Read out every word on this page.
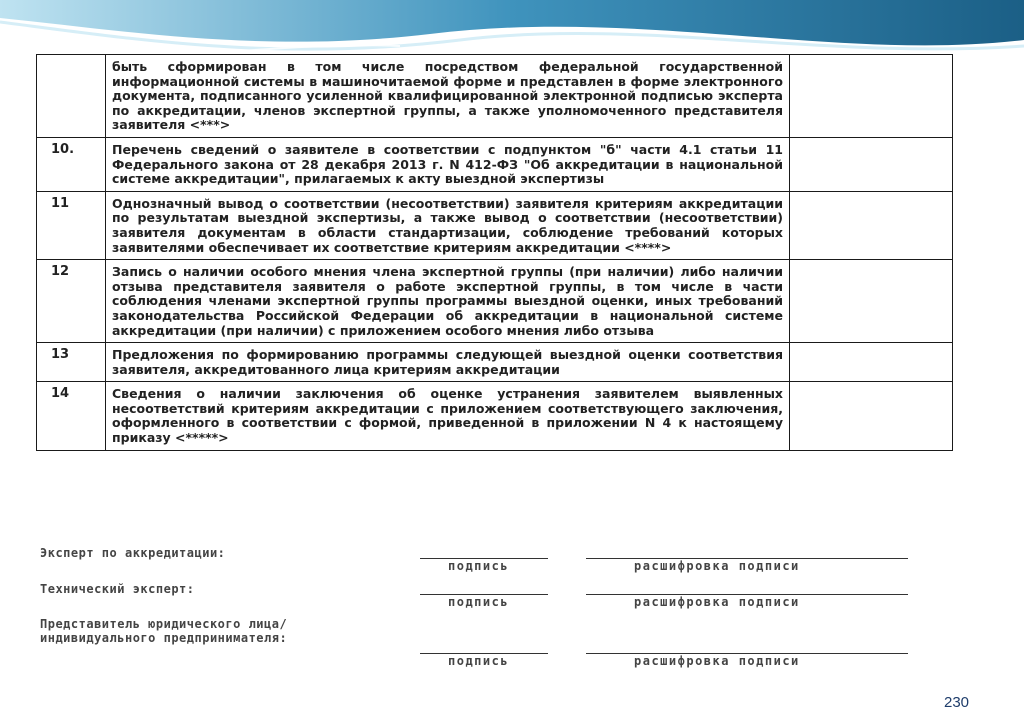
	быть сформирован в том числе посредством федеральной государственной информационной системы в машиночитаемой форме и представлен в форме электронного документа, подписанного усиленной квалифицированной электронной подписью эксперта по аккредитации, членов экспертной группы, а также уполномоченного представителя заявителя <***>	
10.	Перечень сведений о заявителе в соответствии с подпунктом "б" части 4.1 статьи 11 Федерального закона от 28 декабря 2013 г. N 412-ФЗ "Об аккредитации в национальной системе аккредитации", прилагаемых к акту выездной экспертизы	
11	Однозначный вывод о соответствии (несоответствии) заявителя критериям аккредитации по результатам выездной экспертизы, а также вывод о соответствии (несоответствии) заявителя документам в области стандартизации, соблюдение требований которых заявителями обеспечивает их соответствие критериям аккредитации <****>	
12	Запись о наличии особого мнения члена экспертной группы (при наличии) либо наличии отзыва представителя заявителя о работе экспертной группы, в том числе в части соблюдения членами экспертной группы программы выездной оценки, иных требований законодательства Российской Федерации об аккредитации в национальной системе аккредитации (при наличии) с приложением особого мнения либо отзыва	
13	Предложения по формированию программы следующей выездной оценки соответствия заявителя, аккредитованного лица критериям аккредитации	
14	Сведения о наличии заключения об оценке устранения заявителем выявленных несоответствий критериям аккредитации с приложением соответствующего заключения, оформленного в соответствии с формой, приведенной в приложении N 4 к настоящему приказу <*****>	
Эксперт по аккредитации:
подпись	расшифровка подписи
Технический эксперт:
подпись	расшифровка подписи
Представитель юридического лица/индивидуального предпринимателя:
подпись	расшифровка подписи
230
